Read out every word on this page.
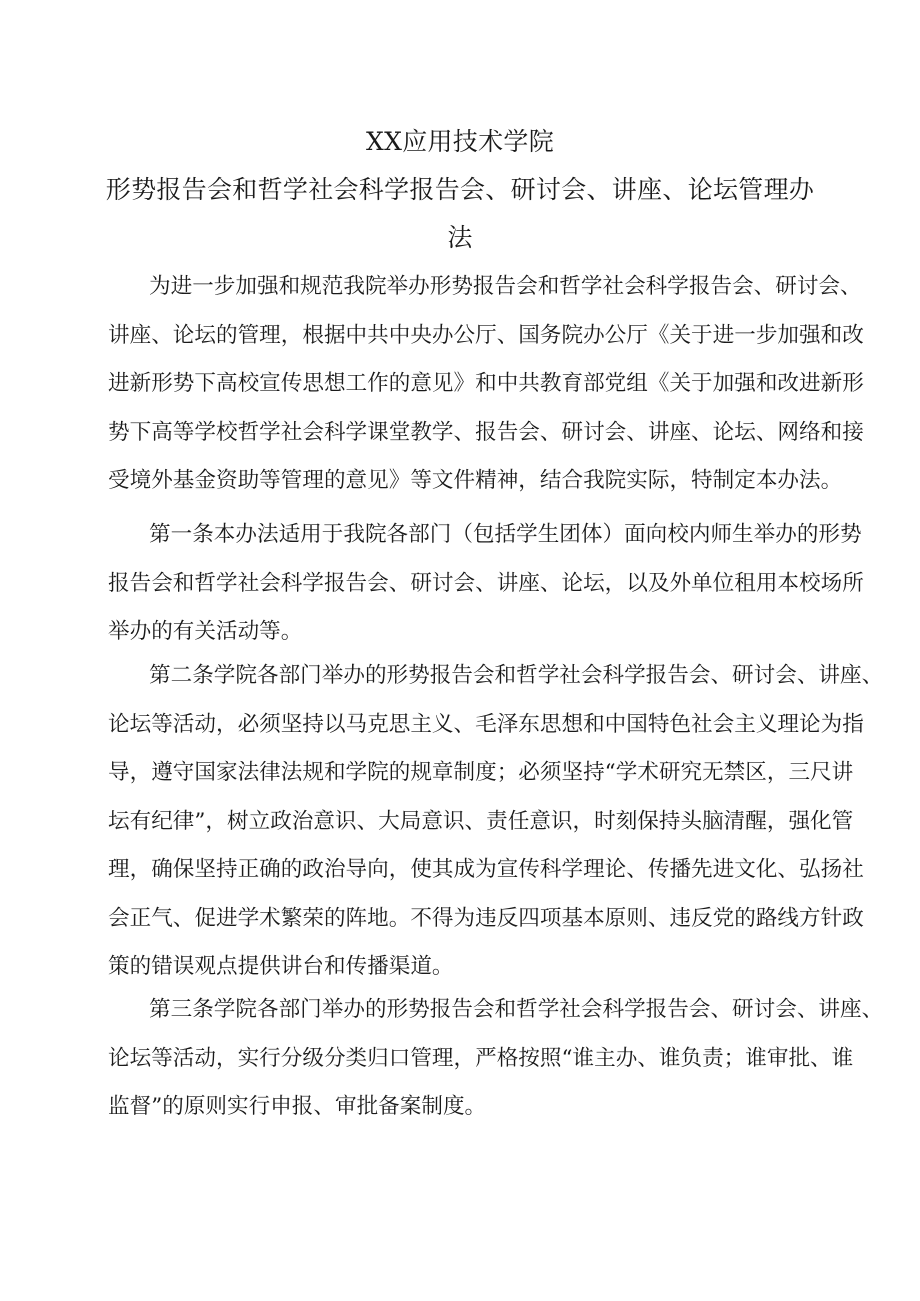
XX应用技术学院
形势报告会和哲学社会科学报告会、研讨会、讲座、论坛管理办
法
为进一步加强和规范我院举办形势报告会和哲学社会科学报告会、研讨会、
讲座、论坛的管理，根据中共中央办公厅、国务院办公厅《关于进一步加强和改
进新形势下高校宣传思想工作的意见》和中共教育部党组《关于加强和改进新形
势下高等学校哲学社会科学课堂教学、报告会、研讨会、讲座、论坛、网络和接
受境外基金资助等管理的意见》等文件精神，结合我院实际，特制定本办法。
第一条本办法适用于我院各部门（包括学生团体）面向校内师生举办的形势
报告会和哲学社会科学报告会、研讨会、讲座、论坛，以及外单位租用本校场所
举办的有关活动等。
第二条学院各部门举办的形势报告会和哲学社会科学报告会、研讨会、讲座、
论坛等活动，必须坚持以马克思主义、毛泽东思想和中国特色社会主义理论为指
导，遵守国家法律法规和学院的规章制度；必须坚持“学术研究无禁区，三尺讲
坛有纪律”，树立政治意识、大局意识、责任意识，时刻保持头脑清醒，强化管
理，确保坚持正确的政治导向，使其成为宣传科学理论、传播先进文化、弘扬社
会正气、促进学术繁荣的阵地。不得为违反四项基本原则、违反党的路线方针政
策的错误观点提供讲台和传播渠道。
第三条学院各部门举办的形势报告会和哲学社会科学报告会、研讨会、讲座、
论坛等活动，实行分级分类归口管理，严格按照“谁主办、谁负责；谁审批、谁
监督”的原则实行申报、审批备案制度。
